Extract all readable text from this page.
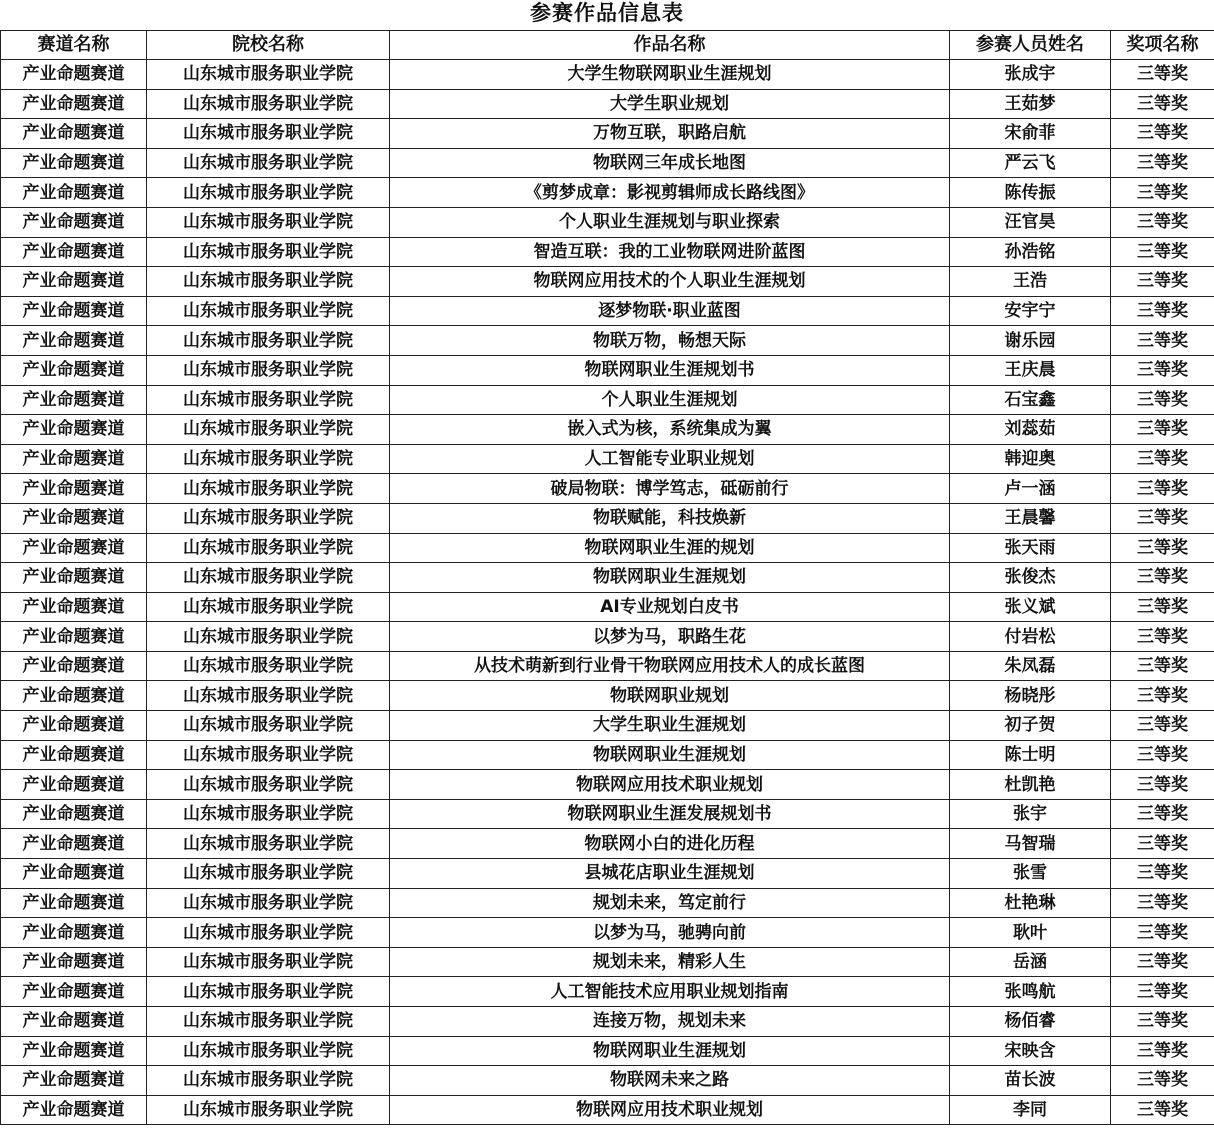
参赛作品信息表
赛道名称	院校名称	作品名称	参赛人员姓名	奖项名称
产业命题赛道	山东城市服务职业学院	大学生物联网职业生涯规划	张成宇	三等奖
产业命题赛道	山东城市服务职业学院	大学生职业规划	王茹梦	三等奖
产业命题赛道	山东城市服务职业学院	万物互联，职路启航	宋俞菲	三等奖
产业命题赛道	山东城市服务职业学院	物联网三年成长地图	严云飞	三等奖
产业命题赛道	山东城市服务职业学院	《剪梦成章：影视剪辑师成长路线图》	陈传振	三等奖
产业命题赛道	山东城市服务职业学院	个人职业生涯规划与职业探索	汪官昊	三等奖
产业命题赛道	山东城市服务职业学院	智造互联：我的工业物联网进阶蓝图	孙浩铭	三等奖
产业命题赛道	山东城市服务职业学院	物联网应用技术的个人职业生涯规划	王浩	三等奖
产业命题赛道	山东城市服务职业学院	逐梦物联·职业蓝图	安宇宁	三等奖
产业命题赛道	山东城市服务职业学院	物联万物，畅想天际	谢乐园	三等奖
产业命题赛道	山东城市服务职业学院	物联网职业生涯规划书	王庆晨	三等奖
产业命题赛道	山东城市服务职业学院	个人职业生涯规划	石宝鑫	三等奖
产业命题赛道	山东城市服务职业学院	嵌入式为核，系统集成为翼	刘蕊茹	三等奖
产业命题赛道	山东城市服务职业学院	人工智能专业职业规划	韩迎奥	三等奖
产业命题赛道	山东城市服务职业学院	破局物联：博学笃志，砥砺前行	卢一涵	三等奖
产业命题赛道	山东城市服务职业学院	物联赋能，科技焕新	王晨馨	三等奖
产业命题赛道	山东城市服务职业学院	物联网职业生涯的规划	张天雨	三等奖
产业命题赛道	山东城市服务职业学院	物联网职业生涯规划	张俊杰	三等奖
产业命题赛道	山东城市服务职业学院	AI专业规划白皮书	张义斌	三等奖
产业命题赛道	山东城市服务职业学院	以梦为马，职路生花	付岩松	三等奖
产业命题赛道	山东城市服务职业学院	从技术萌新到行业骨干物联网应用技术人的成长蓝图	朱凤磊	三等奖
产业命题赛道	山东城市服务职业学院	物联网职业规划	杨晓彤	三等奖
产业命题赛道	山东城市服务职业学院	大学生职业生涯规划	初子贺	三等奖
产业命题赛道	山东城市服务职业学院	物联网职业生涯规划	陈士明	三等奖
产业命题赛道	山东城市服务职业学院	物联网应用技术职业规划	杜凯艳	三等奖
产业命题赛道	山东城市服务职业学院	物联网职业生涯发展规划书	张宇	三等奖
产业命题赛道	山东城市服务职业学院	物联网小白的进化历程	马智瑞	三等奖
产业命题赛道	山东城市服务职业学院	县城花店职业生涯规划	张雪	三等奖
产业命题赛道	山东城市服务职业学院	规划未来，笃定前行	杜艳琳	三等奖
产业命题赛道	山东城市服务职业学院	以梦为马，驰骋向前	耿叶	三等奖
产业命题赛道	山东城市服务职业学院	规划未来，精彩人生	岳涵	三等奖
产业命题赛道	山东城市服务职业学院	人工智能技术应用职业规划指南	张鸣航	三等奖
产业命题赛道	山东城市服务职业学院	连接万物，规划未来	杨佰睿	三等奖
产业命题赛道	山东城市服务职业学院	物联网职业生涯规划	宋映含	三等奖
产业命题赛道	山东城市服务职业学院	物联网未来之路	苗长波	三等奖
产业命题赛道	山东城市服务职业学院	物联网应用技术职业规划	李同	三等奖
